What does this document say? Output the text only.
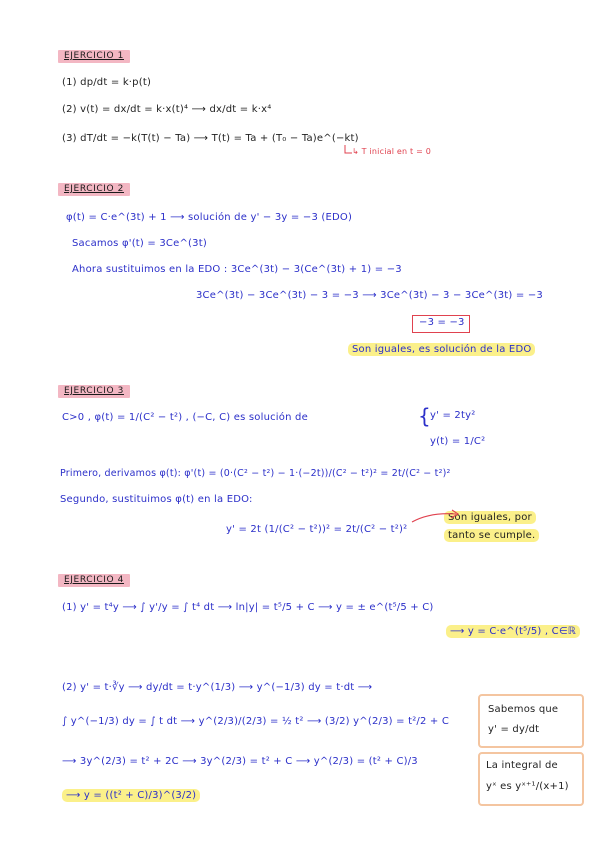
EJERCICIO 1
(1) dp/dt = k·p(t)
(2) v(t) = dx/dt = k·x(t)⁴ ⟶ dx/dt = k·x⁴
(3) dT/dt = −k(T(t) − Ta) ⟶ T(t) = Ta + (T₀ − Ta)e^(−kt)
↳ T inicial en t = 0
EJERCICIO 2
φ(t) = C·e^(3t) + 1 ⟶ solución de y' − 3y = −3 (EDO)
Sacamos φ'(t) = 3Ce^(3t)
Ahora sustituimos en la EDO : 3Ce^(3t) − 3(Ce^(3t) + 1) = −3
3Ce^(3t) − 3Ce^(3t) − 3 = −3 ⟶ 3Ce^(3t) − 3 − 3Ce^(3t) = −3
−3 = −3
Son iguales, es solución de la EDO
EJERCICIO 3
C>0 , φ(t) = 1/(C² − t²) , (−C, C) es solución de	{ y' = 2ty²
y(t) = 1/C²
Primero, derivamos φ(t): φ'(t) = (0·(C² − t²) − 1·(−2t))/(C² − t²)² = 2t/(C² − t²)²
Segundo, sustituimos φ(t) en la EDO:
y' = 2t (1/(C² − t²))² = 2t/(C² − t²)²
Son iguales, por
tanto se cumple.
EJERCICIO 4
(1) y' = t⁴y ⟶ ∫ y'/y = ∫ t⁴ dt ⟶ ln|y| = t⁵/5 + C ⟶ y = ± e^(t⁵/5 + C)
⟶ y = C·e^(t⁵/5) , C∈ℝ
(2) y' = t·∛y ⟶ dy/dt = t·y^(1/3) ⟶ y^(−1/3) dy = t·dt ⟶
∫ y^(−1/3) dy = ∫ t dt ⟶ y^(2/3)/(2/3) = ½ t² ⟶ (3/2) y^(2/3) = t²/2 + C
⟶ 3y^(2/3) = t² + 2C ⟶ 3y^(2/3) = t² + C ⟶ y^(2/3) = (t² + C)/3
⟶ y = ((t² + C)/3)^(3/2)
Sabemos que
y' = dy/dt
La integral de
yˣ es yˣ⁺¹/(x+1)
